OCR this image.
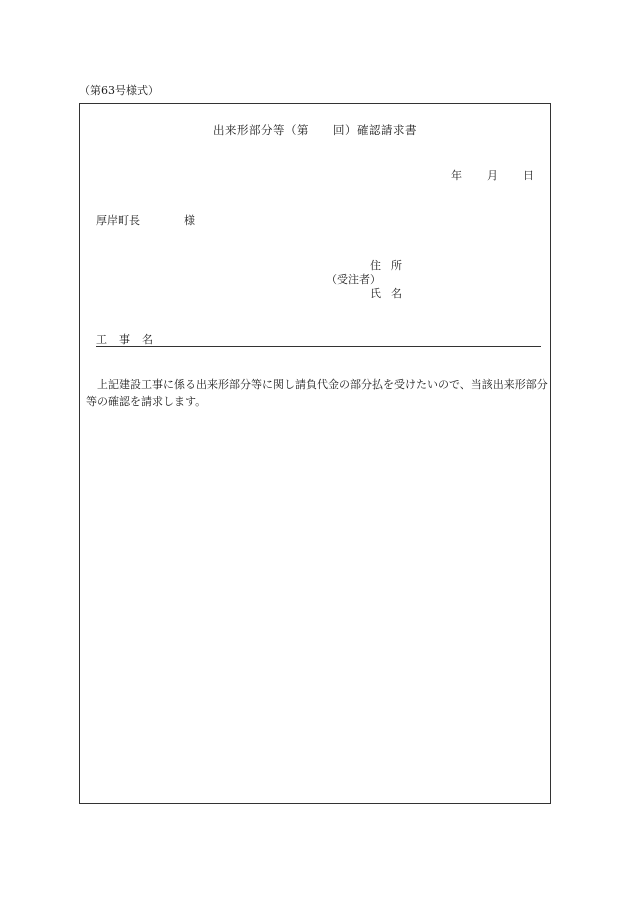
（第63号様式）
出来形部分等（第　　回）確認請求書
年 月 日
厚岸町長	様
住所
（受注者）
氏名
工事名
上記建設工事に係る出来形部分等に関し請負代金の部分払を受けたいので、当該出来形部分等の確認を請求します。
